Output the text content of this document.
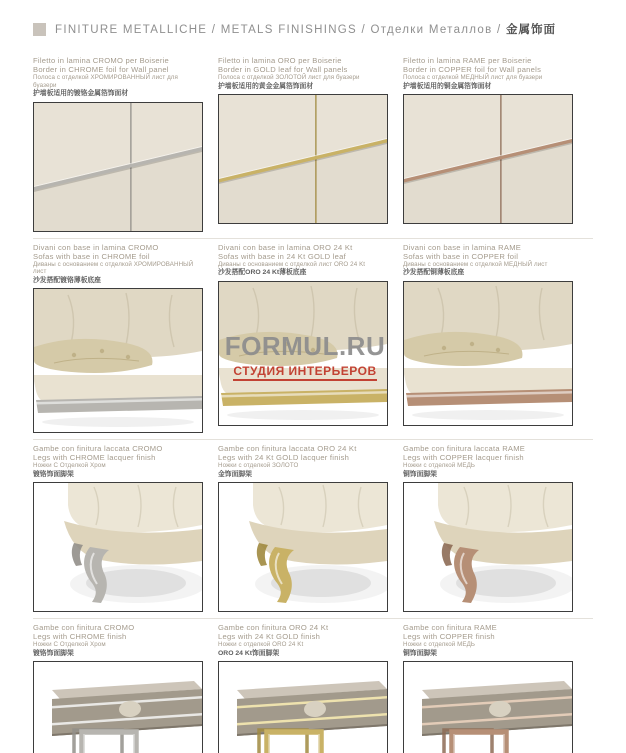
FINITURE METALLICHE / METALS FINISHINGS / Отделки Металлов / 金属饰面
Filetto in lamina CROMO per Boiserie
Border in CHROME foil for Wall panel
Полоса с отделкой ХРОМИРОВАННЫЙ лист для буазери
护墙板适用的镀铬金属箔饰面材
Filetto in lamina ORO per Boiserie
Border in GOLD leaf for Wall panels
Полоса с отделкой ЗОЛОТОЙ лист для буазери
护墙板适用的黄金金属箔饰面材
Filetto in lamina RAME per Boiserie
Border in COPPER foil for Wall panels
Полоса с отделкой МЕДНЫЙ лист для буазери
护墙板适用的铜金属箔饰面材
Divani con base in lamina CROMO
Sofas with base in CHROME foil
Диваны с основанием с отделкой ХРОМИРОВАННЫЙ лист
沙发搭配镀铬薄板底座
Divani con base in lamina ORO 24 Kt
Sofas with base in 24 Kt GOLD leaf
Диваны с основанием с отделкой лист ORO 24 Kt
沙发搭配ORO 24 Kt薄板底座
Divani con base in lamina RAME
Sofas with base in COPPER foil
Диваны с основанием с отделкой МЕДНЫЙ лист
沙发搭配铜薄板底座
Gambe con finitura laccata CROMO
Legs with CHROME lacquer finish
Ножки С Отделкой Хром
镀铬饰面脚架
Gambe con finitura laccata ORO 24 Kt
Legs with 24 Kt GOLD lacquer finish
Ножки с отделкой ЗОЛОТО
金饰面脚架
Gambe con finitura laccata RAME
Legs with COPPER lacquer finish
Ножки с отделкой МЕДЬ
铜饰面脚架
Gambe con finitura CROMO
Legs with CHROME finish
Ножки С Отделкой Хром
镀铬饰面脚架
Gambe con finitura ORO 24 Kt
Legs with 24 Kt GOLD finish
Ножки с отделкой ORO 24 Kt
ORO 24 Kt饰面脚架
Gambe con finitura RAME
Legs with COPPER finish
Ножки с отделкой МЕДЬ
铜饰面脚架
FORMUL.RU
СТУДИЯ ИНТЕРЬЕРОВ
